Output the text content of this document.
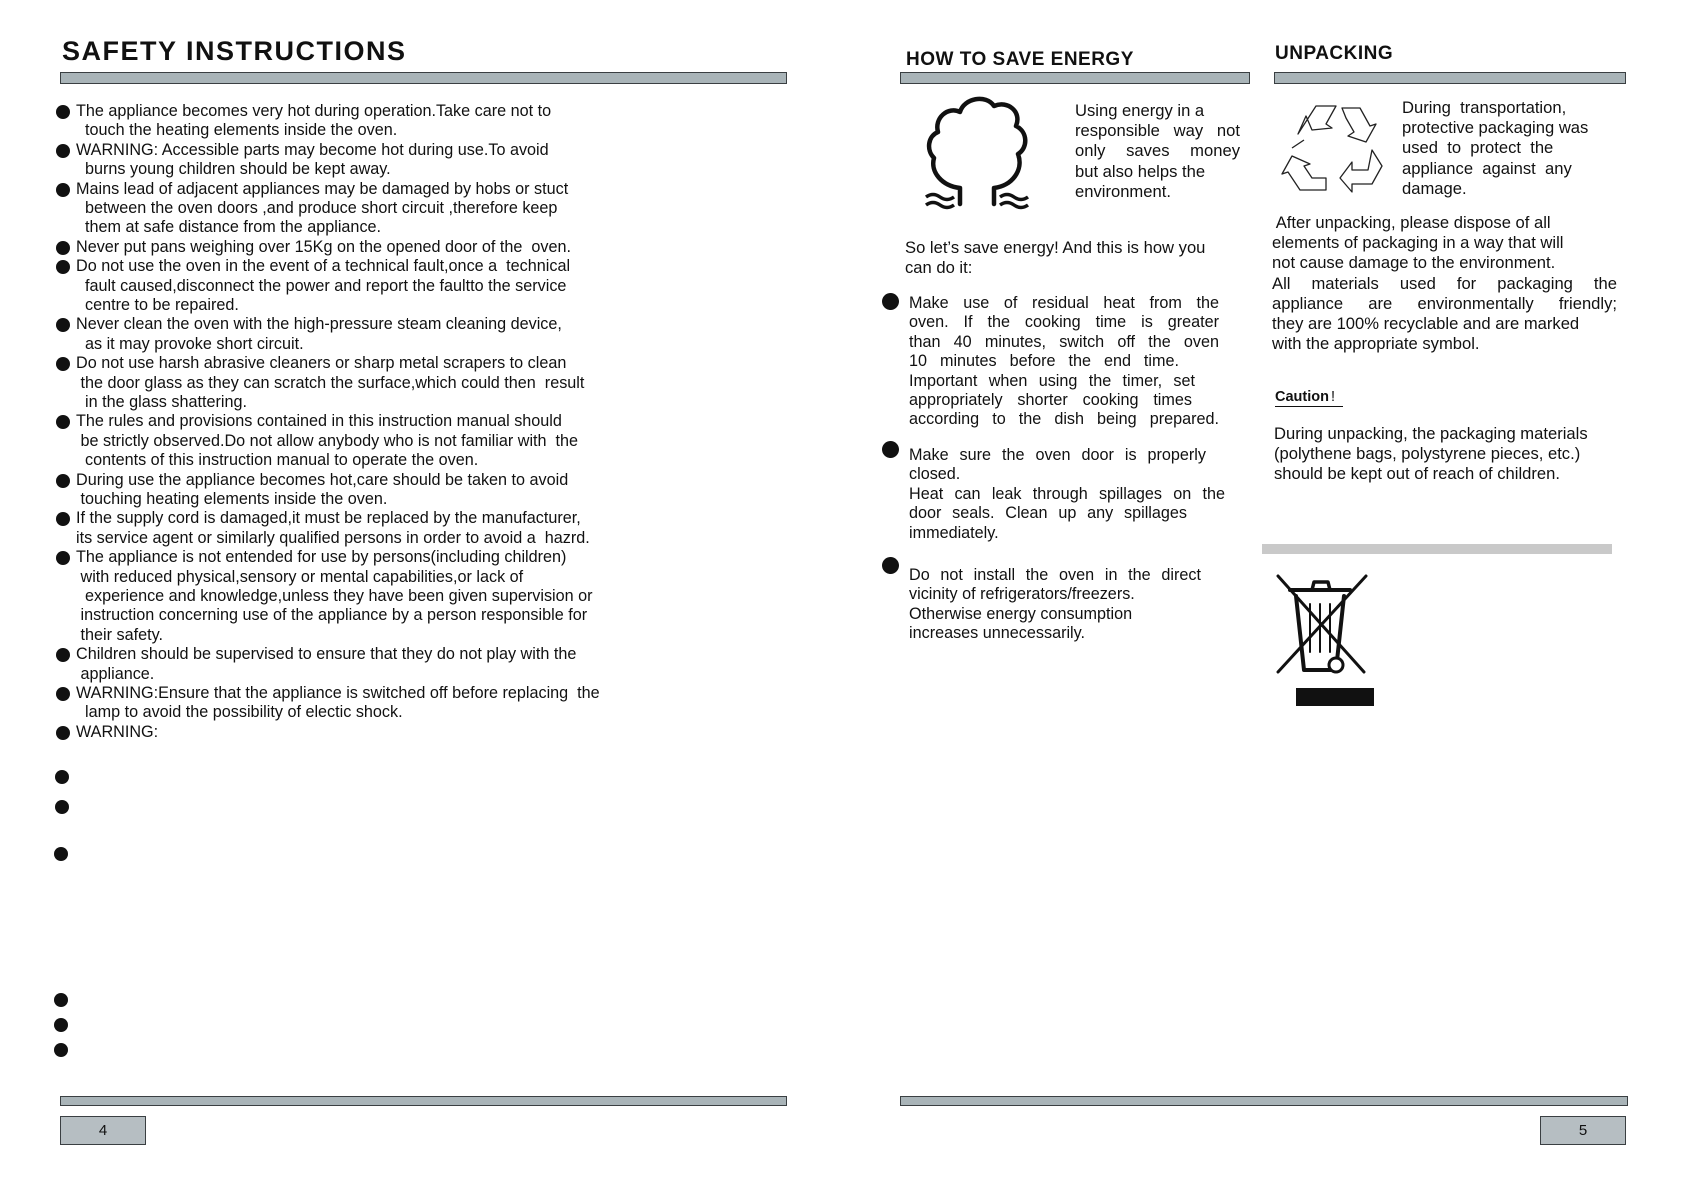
SAFETY INSTRUCTIONS
The appliance becomes very hot during operation.Take care not to
touch the heating elements inside the oven.
WARNING: Accessible parts may become hot during use.To avoid
burns young children should be kept away.
Mains lead of adjacent appliances may be damaged by hobs or stuct
between the oven doors ,and produce short circuit ,therefore keep
them at safe distance from the appliance.
Never put pans weighing over 15Kg on the opened door of the  oven.
Do not use the oven in the event of a technical fault,once a  technical
fault caused,disconnect the power and report the faultto the service
centre to be repaired.
Never clean the oven with the high-pressure steam cleaning device,
as it may provoke short circuit.
Do not use harsh abrasive cleaners or sharp metal scrapers to clean
the door glass as they can scratch the surface,which could then  result
in the glass shattering.
The rules and provisions contained in this instruction manual should
be strictly observed.Do not allow anybody who is not familiar with  the
contents of this instruction manual to operate the oven.
During use the appliance becomes hot,care should be taken to avoid
touching heating elements inside the oven.
If the supply cord is damaged,it must be replaced by the manufacturer,
its service agent or similarly qualified persons in order to avoid a  hazrd.
The appliance is not entended for use by persons(including children)
with reduced physical,sensory or mental capabilities,or lack of
experience and knowledge,unless they have been given supervision or
instruction concerning use of the appliance by a person responsible for
their safety.
Children should be supervised to ensure that they do not play with the
appliance.
WARNING:Ensure that the appliance is switched off before replacing  the
lamp to avoid the possibility of electic shock.
WARNING:
4
HOW TO SAVE ENERGY
Using energy in a
responsible way not
only saves money
but also helps the
environment.
So let’s save energy! And this is how you
can do it:
Make use of residual heat from the
oven. If the cooking time is greater
than 40 minutes, switch off the oven
10 minutes before the end time.
Important when using the timer, set
appropriately shorter cooking times
according to the dish being prepared.
Make sure the oven door is properly
closed.
Heat can leak through spillages on the
door seals. Clean up any spillages
immediately.
Do not install the oven in the direct
vicinity of refrigerators/freezers.
Otherwise energy consumption
increases unnecessarily.
UNPACKING
During  transportation,
protective packaging was
used  to  protect  the
appliance  against  any
damage.
After unpacking, please dispose of all
elements of packaging in a way that will
not cause damage to the environment.
All materials used for packaging the
appliance are environmentally friendly;
they are 100% recyclable and are marked
with the appropriate symbol.
Caution !
During unpacking, the packaging materials
(polythene bags, polystyrene pieces, etc.)
should be kept out of reach of children.
5
